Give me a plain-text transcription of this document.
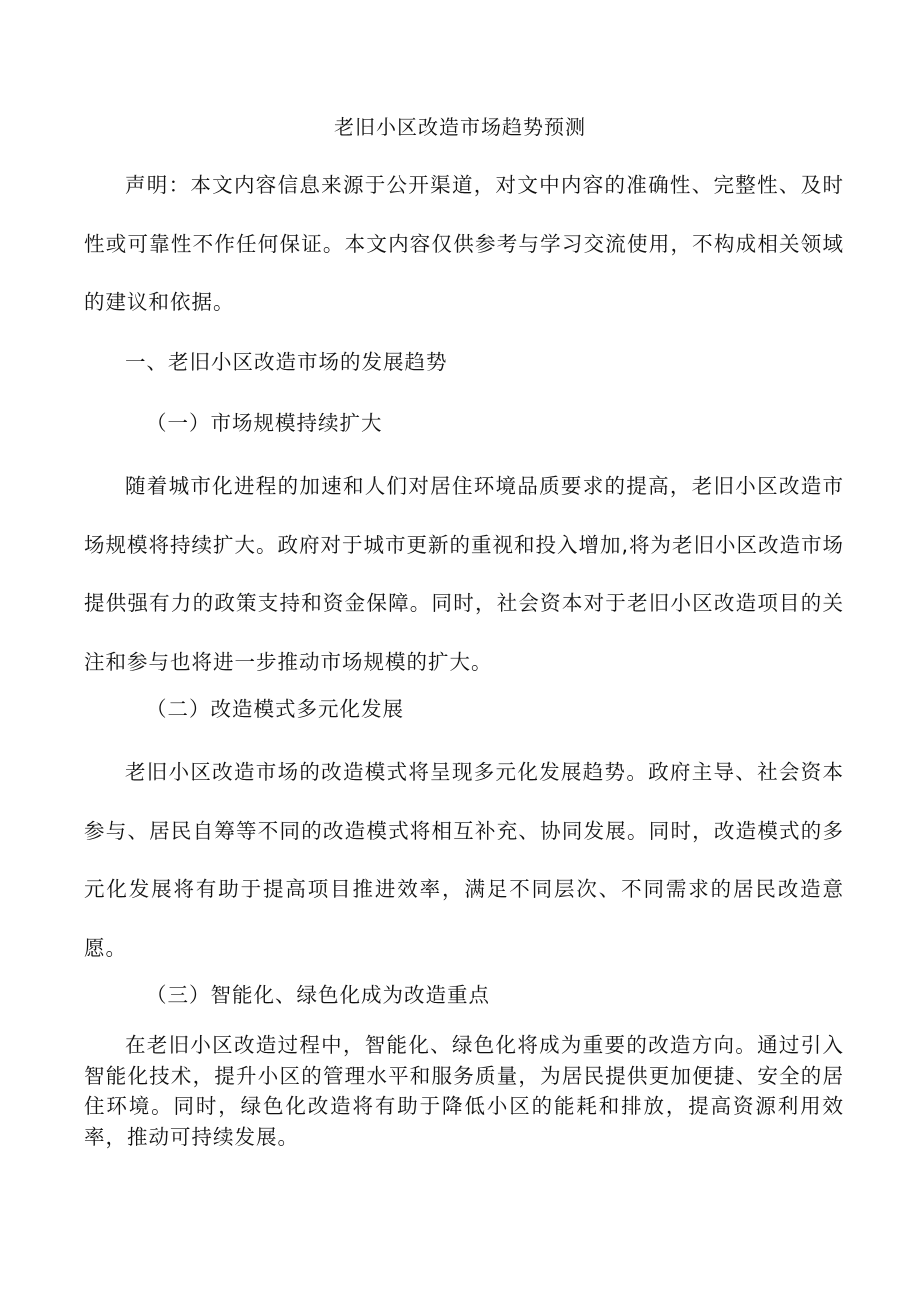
老旧小区改造市场趋势预测

声明：本文内容信息来源于公开渠道，对文中内容的准确性、完整性、及时性或可靠性不作任何保证。本文内容仅供参考与学习交流使用，不构成相关领域的建议和依据。

一、老旧小区改造市场的发展趋势
（一）市场规模持续扩大

随着城市化进程的加速和人们对居住环境品质要求的提高，老旧小区改造市场规模将持续扩大。政府对于城市更新的重视和投入增加,将为老旧小区改造市场提供强有力的政策支持和资金保障。同时，社会资本对于老旧小区改造项目的关注和参与也将进一步推动市场规模的扩大。

（二）改造模式多元化发展

老旧小区改造市场的改造模式将呈现多元化发展趋势。政府主导、社会资本参与、居民自筹等不同的改造模式将相互补充、协同发展。同时，改造模式的多元化发展将有助于提高项目推进效率，满足不同层次、不同需求的居民改造意愿。

（三）智能化、绿色化成为改造重点

在老旧小区改造过程中，智能化、绿色化将成为重要的改造方向。通过引入智能化技术，提升小区的管理水平和服务质量，为居民提供更加便捷、安全的居住环境。同时，绿色化改造将有助于降低小区的能耗和排放，提高资源利用效率，推动可持续发展。
